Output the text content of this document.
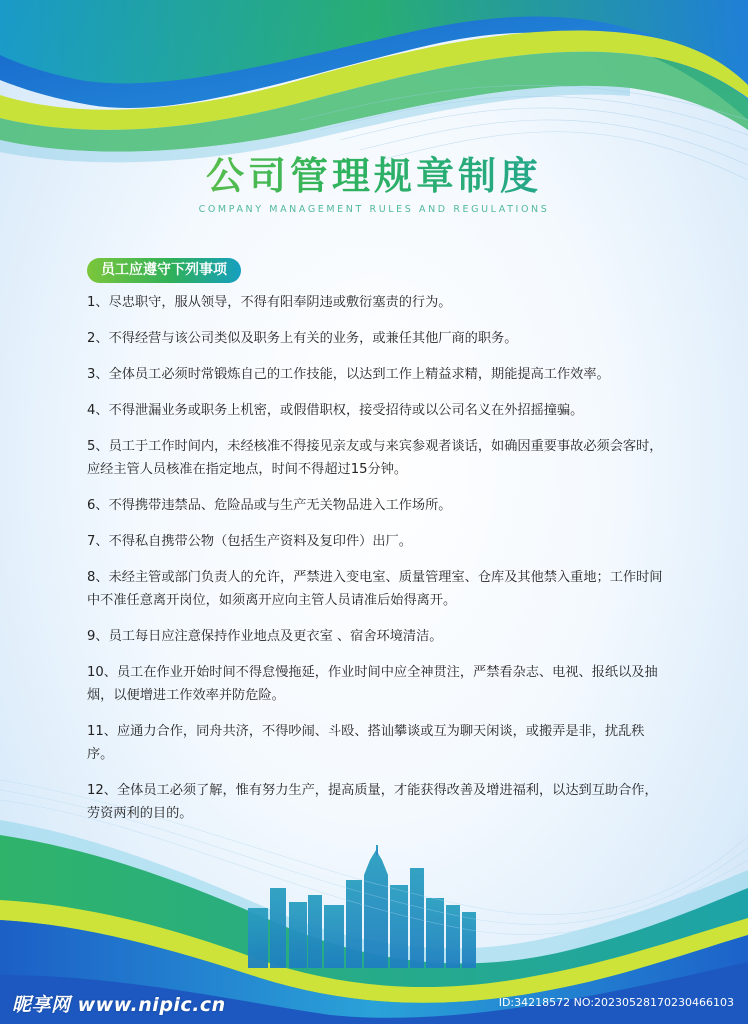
公司管理规章制度
COMPANY MANAGEMENT RULES AND REGULATIONS
员工应遵守下列事项
1、尽忠职守，服从领导，不得有阳奉阴违或敷衍塞责的行为。
2、不得经营与该公司类似及职务上有关的业务，或兼任其他厂商的职务。
3、全体员工必须时常锻炼自己的工作技能，以达到工作上精益求精，期能提高工作效率。
4、不得泄漏业务或职务上机密，或假借职权，接受招待或以公司名义在外招摇撞骗。
5、员工于工作时间内，未经核准不得接见亲友或与来宾参观者谈话，如确因重要事故必须会客时，应经主管人员核准在指定地点，时间不得超过15分钟。
6、不得携带违禁品、危险品或与生产无关物品进入工作场所。
7、不得私自携带公物（包括生产资料及复印件）出厂。
8、未经主管或部门负责人的允许，严禁进入变电室、质量管理室、仓库及其他禁入重地；工作时间中不准任意离开岗位，如须离开应向主管人员请准后始得离开。
9、员工每日应注意保持作业地点及更衣室 、宿舍环境清洁。
10、员工在作业开始时间不得怠慢拖延，作业时间中应全神贯注，严禁看杂志、电视、报纸以及抽烟，以便增进工作效率并防危险。
11、应通力合作，同舟共济，不得吵闹、斗殴、搭讪攀谈或互为聊天闲谈，或搬弄是非，扰乱秩序。
12、全体员工必须了解，惟有努力生产，提高质量，才能获得改善及增进福利，以达到互助合作，劳资两利的目的。
昵享网 www.nipic.cn	ID:34218572 NO:20230528170230466103
